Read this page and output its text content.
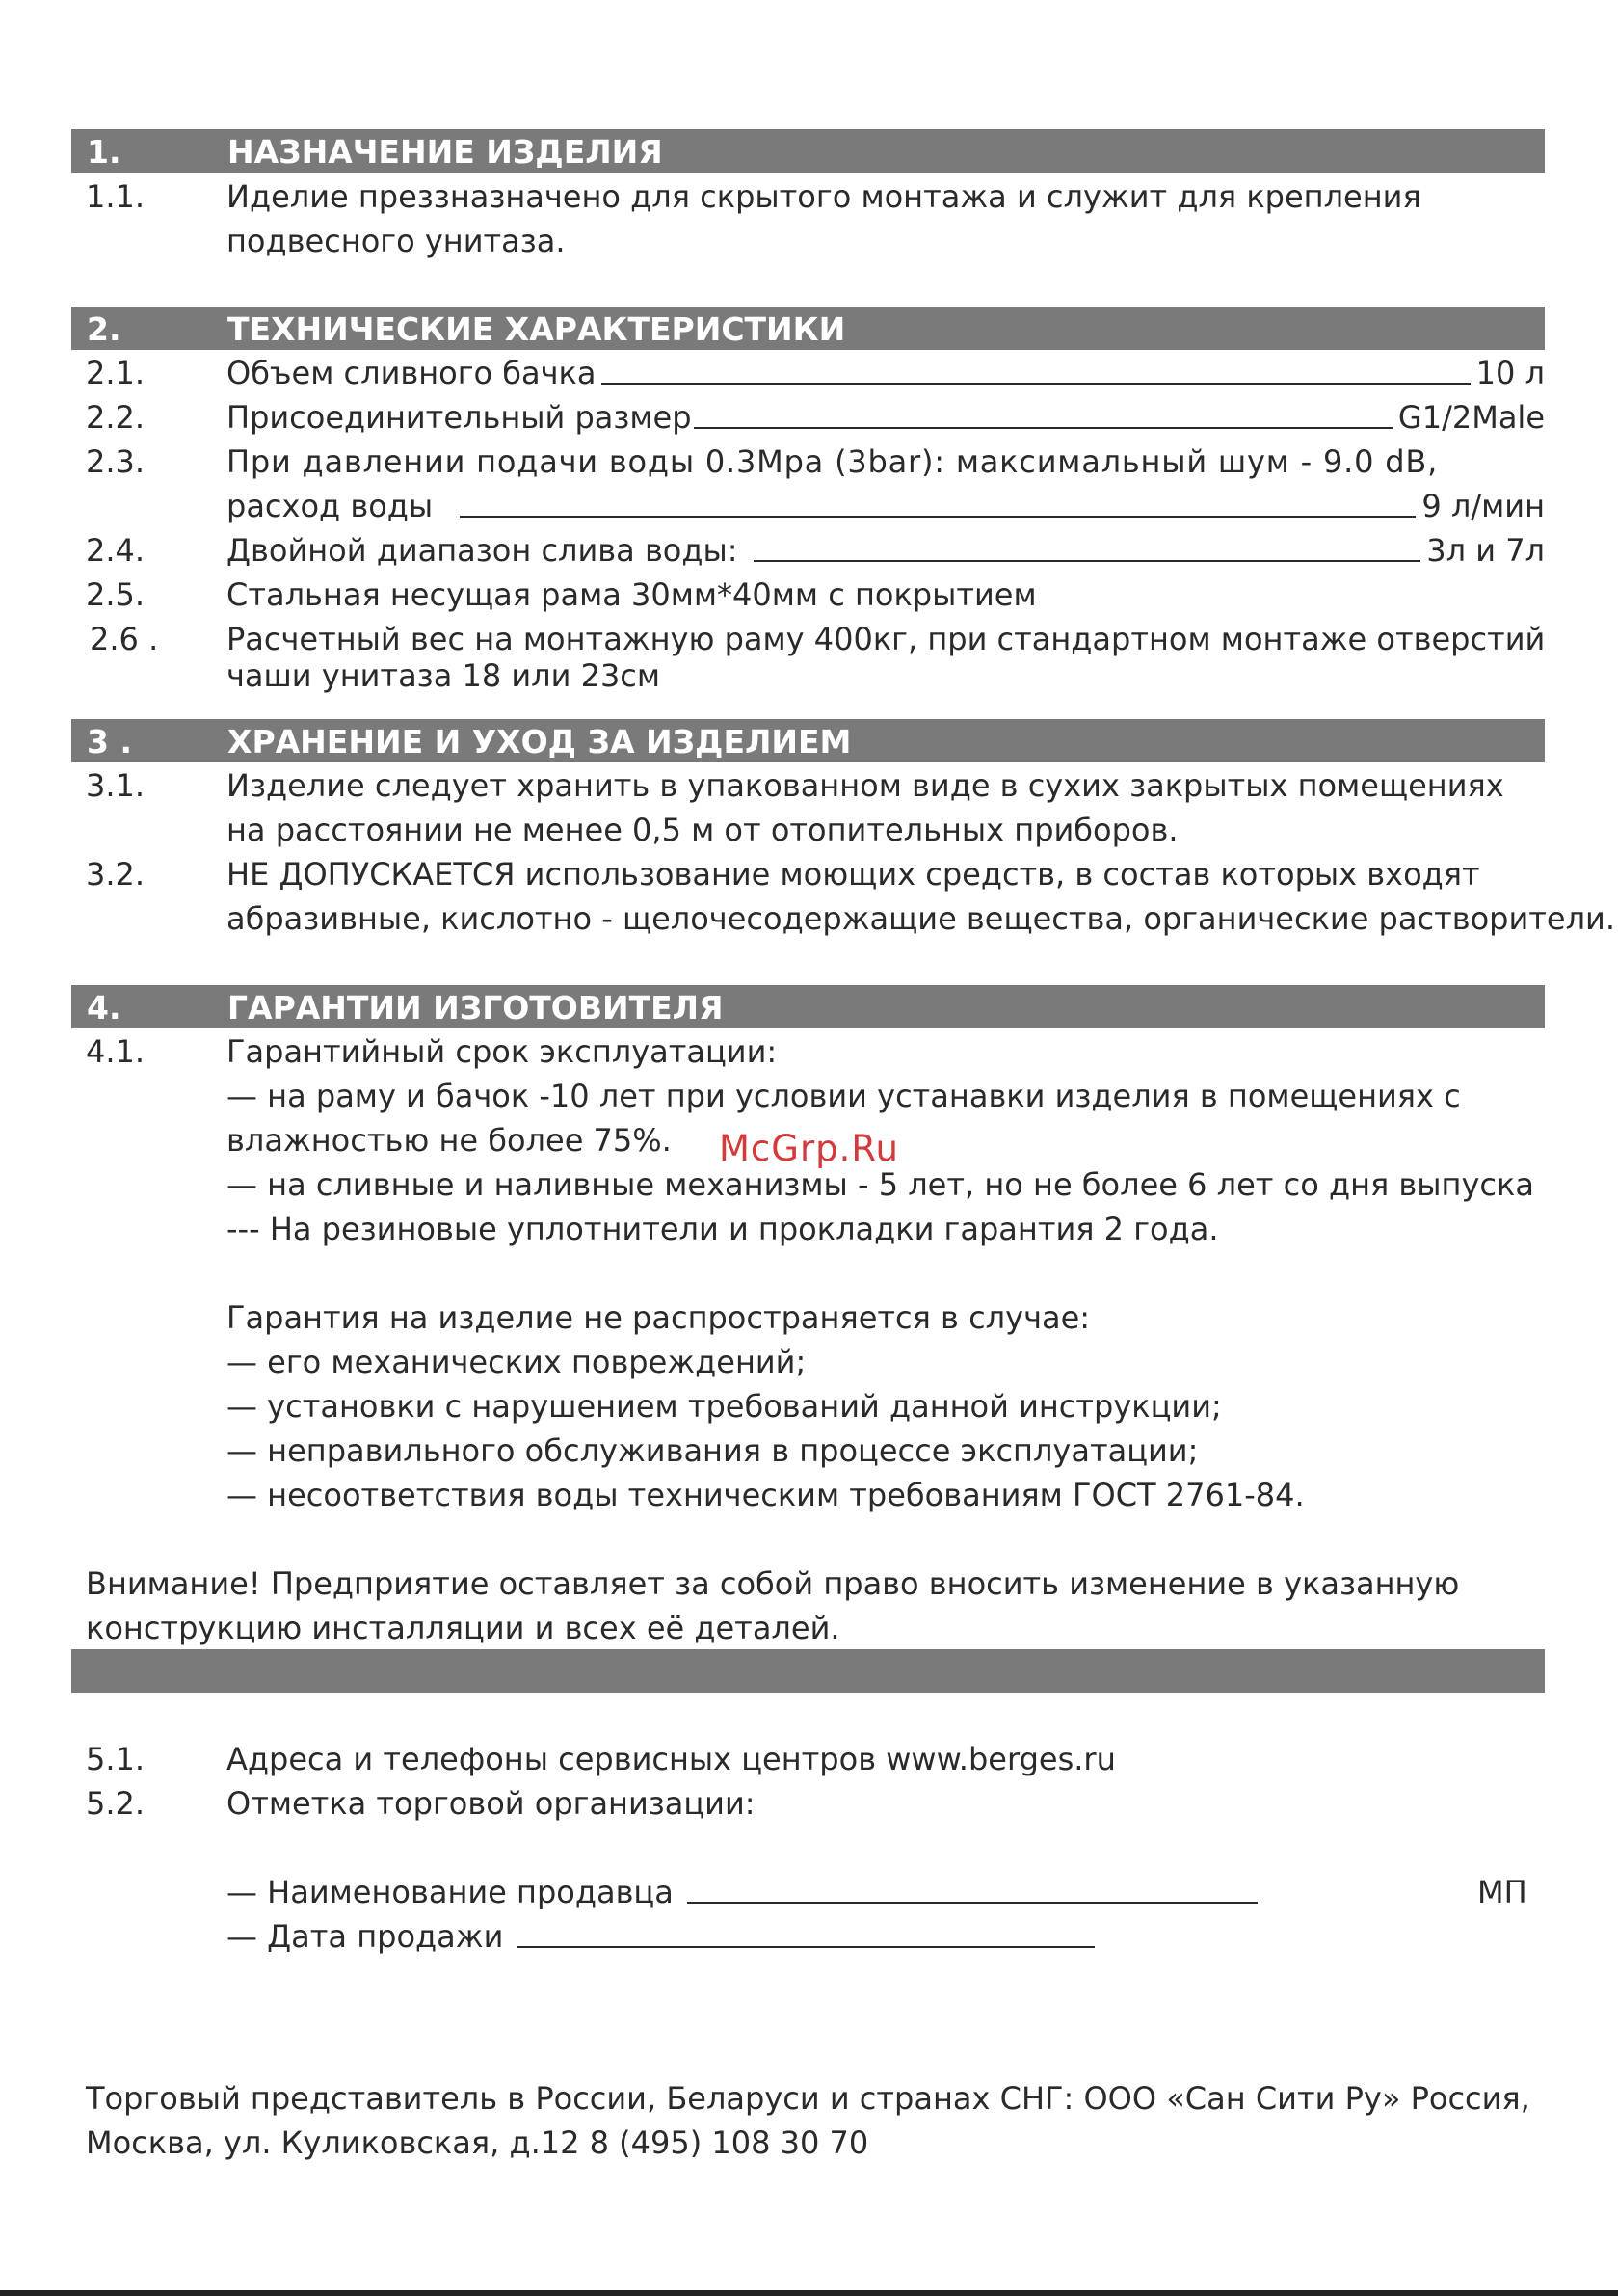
1.	НАЗНАЧЕНИЕ ИЗДЕЛИЯ
1.1.	Иделие преззназначено для скрытого монтажа и служит для крепления
подвесного унитаза.
2.	ТЕХНИЧЕСКИЕ ХАРАКТЕРИСТИКИ
2.1.	Объем сливного бачка	10 л
2.2.	Присоединительный размер	G1/2Male
2.3.	При давлении подачи воды 0.3Mpa (3bar): максимальный шум - 9.0 dB,
расход воды	9 л/мин
2.4.	Двойной диапазон слива воды:	3л и 7л
2.5.	Стальная несущая рама 30мм*40мм с покрытием
2.6 . Расчетный вес на монтажную раму 400кг, при стандартном монтаже отверстий
чаши унитаза 18 или 23см
3 .	ХРАНЕНИЕ И УХОД ЗА ИЗДЕЛИЕМ
3.1.	Изделие следует хранить в упакованном виде в сухих закрытых помещениях
на расстоянии не менее 0,5 м от отопительных приборов.
3.2.	НЕ ДОПУСКАЕТСЯ использование моющих средств, в состав которых входят
абразивные, кислотно - щелочесодержащие вещества, органические растворители.
4.	ГАРАНТИИ ИЗГОТОВИТЕЛЯ
4.1.	Гарантийный срок эксплуатации:
— на раму и бачок -10 лет при условии устанавки изделия в помещениях с
влажностью не более 75%.
— на сливные и наливные механизмы - 5 лет, но не более 6 лет со дня выпуска
--- На резиновые уплотнители и прокладки гарантия 2 года.
Гарантия на изделие не распространяется в случае:
— его механических повреждений;
— установки с нарушением требований данной инструкции;
— неправильного обслуживания в процессе эксплуатации;
— несоответствия воды техническим требованиям ГОСТ 2761-84.
McGrp.Ru
Внимание! Предприятие оставляет за собой право вносить изменение в указанную
конструкцию инсталляции и всех её деталей.
5.1.	Адреса и телефоны сервисных центров www.berges.ru
5.2.	Отметка торговой организации:
— Наименование продавца	МП
— Дата продажи
Торговый представитель в России, Беларуси и странах СНГ: ООО «Сан Сити Ру» Россия,
Москва, ул. Куликовская, д.12 8 (495) 108 30 70
